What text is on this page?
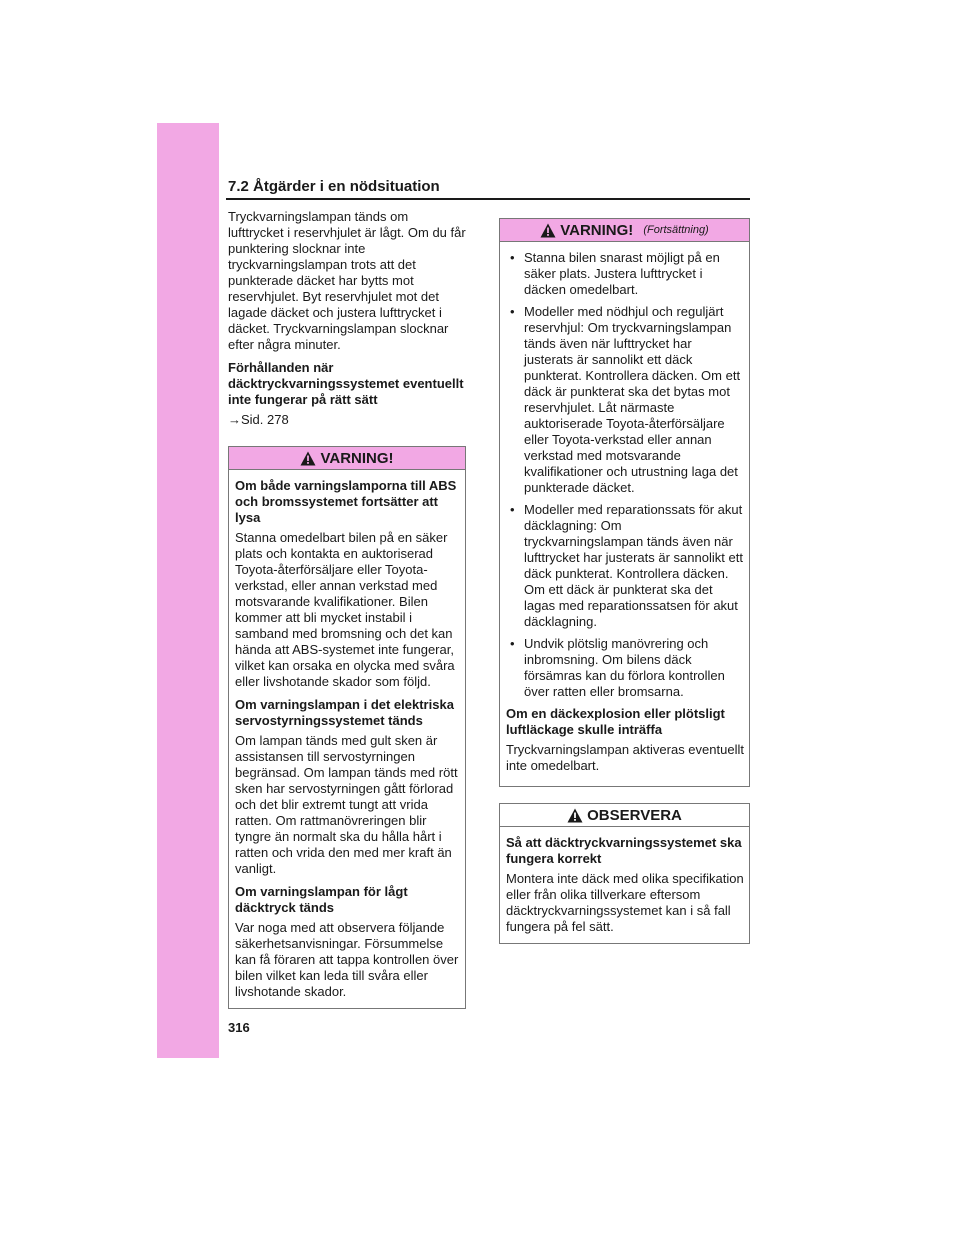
7.2 Åtgärder i en nödsituation

Tryckvarningslampan tänds om lufttrycket i reservhjulet är lågt. Om du får punktering slocknar inte tryckvarningslampan trots att det punkterade däcket har bytts mot reservhjulet. Byt reservhjulet mot det lagade däcket och justera lufttrycket i däcket. Tryckvarningslampan slocknar efter några minuter.

Förhållanden när däcktryckvarningssystemet eventuellt inte fungerar på rätt sätt

→Sid. 278

VARNING!

Om både varningslamporna till ABS och bromssystemet fortsätter att lysa

Stanna omedelbart bilen på en säker plats och kontakta en auktoriserad Toyota-återförsäljare eller Toyota-verkstad, eller annan verkstad med motsvarande kvalifikationer. Bilen kommer att bli mycket instabil i samband med bromsning och det kan hända att ABS-systemet inte fungerar, vilket kan orsaka en olycka med svåra eller livshotande skador som följd.

Om varningslampan i det elektriska servostyrningssystemet tänds

Om lampan tänds med gult sken är assistansen till servostyrningen begränsad. Om lampan tänds med rött sken har servostyrningen gått förlorad och det blir extremt tungt att vrida ratten. Om rattmanövreringen blir tyngre än normalt ska du hålla hårt i ratten och vrida den med mer kraft än vanligt.

Om varningslampan för lågt däcktryck tänds

Var noga med att observera följande säkerhetsanvisningar. Försummelse kan få föraren att tappa kontrollen över bilen vilket kan leda till svåra eller livshotande skador.

VARNING! (Fortsättning)
• Stanna bilen snarast möjligt på en säker plats. Justera lufttrycket i däcken omedelbart.
• Modeller med nödhjul och reguljärt reservhjul: Om tryckvarningslampan tänds även när lufttrycket har justerats är sannolikt ett däck punkterat. Kontrollera däcken. Om ett däck är punkterat ska det bytas mot reservhjulet. Låt närmaste auktoriserade Toyota-återförsäljare eller Toyota-verkstad eller annan verkstad med motsvarande kvalifikationer och utrustning laga det punkterade däcket.
• Modeller med reparationssats för akut däcklagning: Om tryckvarningslampan tänds även när lufttrycket har justerats är sannolikt ett däck punkterat. Kontrollera däcken. Om ett däck är punkterat ska det lagas med reparationssatsen för akut däcklagning.
• Undvik plötslig manövrering och inbromsning. Om bilens däck försämras kan du förlora kontrollen över ratten eller bromsarna.

Om en däckexplosion eller plötsligt luftläckage skulle inträffa

Tryckvarningslampan aktiveras eventuellt inte omedelbart.

OBSERVERA

Så att däcktryckvarningssystemet ska fungera korrekt

Montera inte däck med olika specifikation eller från olika tillverkare eftersom däcktryckvarningssystemet kan i så fall fungera på fel sätt.

316
